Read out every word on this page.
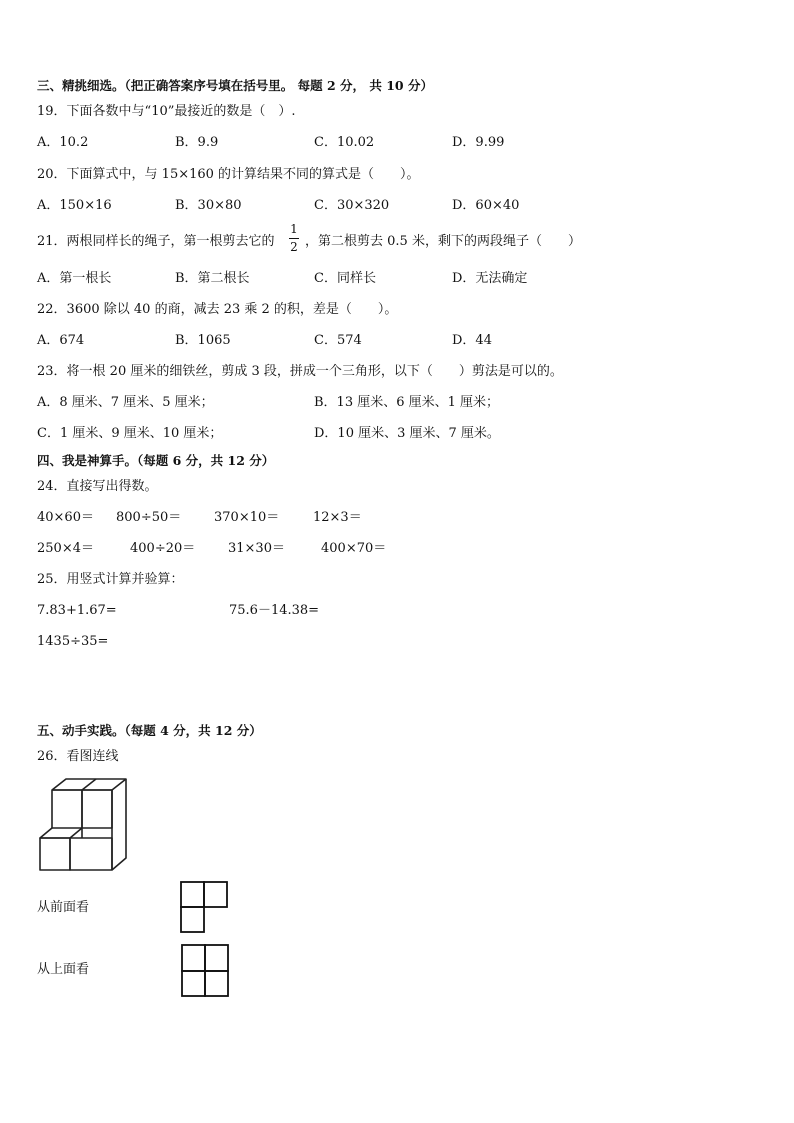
三、精挑细选。（把正确答案序号填在括号里。 每题 2 分， 共 10 分）
19．下面各数中与“10”最接近的数是（　）.
A．10.2	B．9.9	C．10.02	D．9.99
20．下面算式中，与 15×160 的计算结果不同的算式是（　　）。
A．150×16	B．30×80	C．30×320	D．60×40
21．两根同样长的绳子，第一根剪去它的
1
2 ，第二根剪去 0.5 米，剩下的两段绳子（　　）
A．第一根长	B．第二根长	C．同样长	D．无法确定
22．3600 除以 40 的商，减去 23 乘 2 的积，差是（　　）。
A．674	B．1065	C．574	D．44
23．将一根 20 厘米的细铁丝，剪成 3 段，拼成一个三角形，以下（　　）剪法是可以的。
A．8 厘米、7 厘米、5 厘米；	B．13 厘米、6 厘米、1 厘米；
C．1 厘米、9 厘米、10 厘米；	D．10 厘米、3 厘米、7 厘米。
四、我是神算手。（每题 6 分，共 12 分）
24．直接写出得数。
40×60＝ 800÷50＝	370×10＝	12×3＝
250×4＝	400÷20＝	31×30＝	400×70＝
25．用竖式计算并验算：
7.83+1.67=	75.6－14.38=
1435÷35=
五、动手实践。（每题 4 分，共 12 分）
26．看图连线
从前面看
从上面看
